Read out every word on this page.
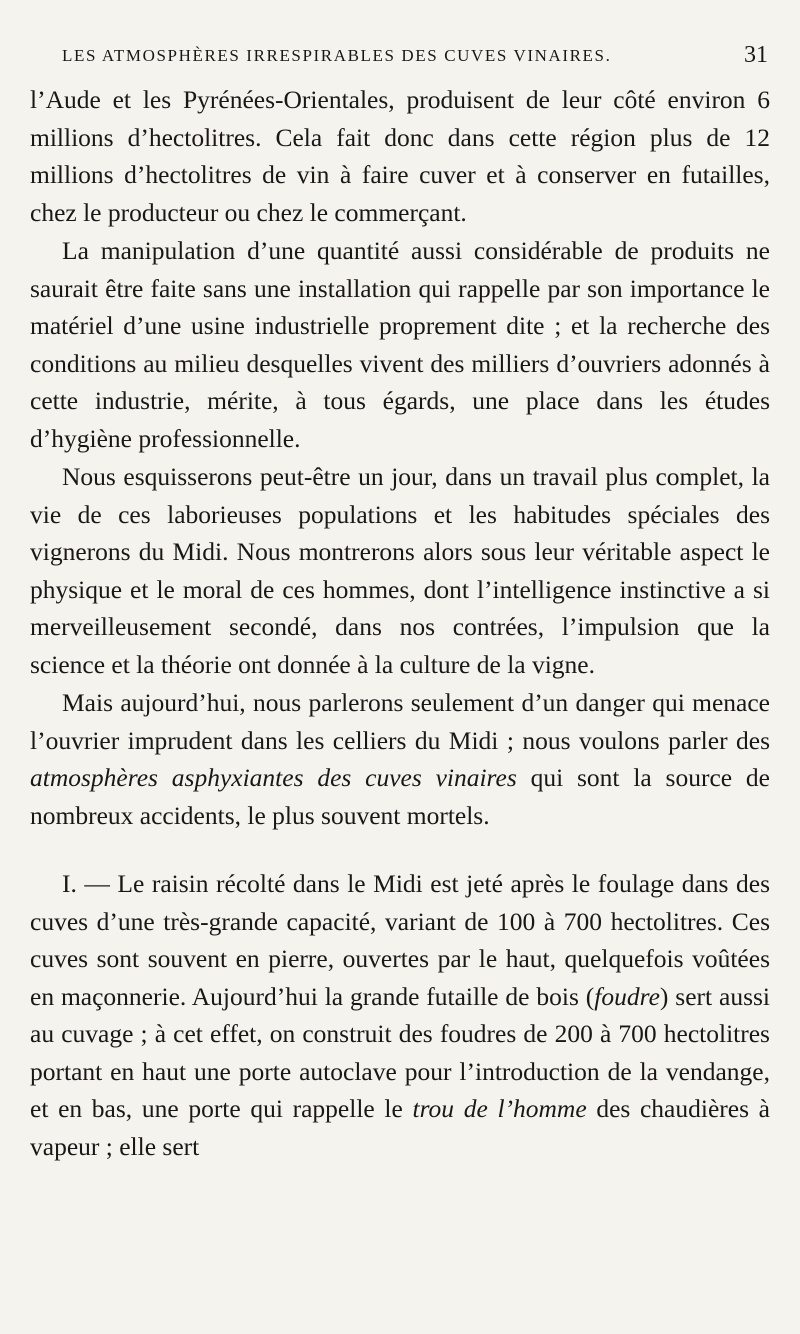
LES ATMOSPHÈRES IRRESPIRABLES DES CUVES VINAIRES.	31

l’Aude et les Pyrénées-Orientales, produisent de leur côté environ 6 millions d’hectolitres. Cela fait donc dans cette région plus de 12 millions d’hectolitres de vin à faire cuver et à conserver en futailles, chez le producteur ou chez le commerçant.

La manipulation d’une quantité aussi considérable de produits ne saurait être faite sans une installation qui rappelle par son importance le matériel d’une usine industrielle proprement dite ; et la recherche des conditions au milieu desquelles vivent des milliers d’ouvriers adonnés à cette industrie, mérite, à tous égards, une place dans les études d’hygiène professionnelle.

Nous esquisserons peut-être un jour, dans un travail plus complet, la vie de ces laborieuses populations et les habitudes spéciales des vignerons du Midi. Nous montrerons alors sous leur véritable aspect le physique et le moral de ces hommes, dont l’intelligence instinctive a si merveilleusement secondé, dans nos contrées, l’impulsion que la science et la théorie ont donnée à la culture de la vigne.

Mais aujourd’hui, nous parlerons seulement d’un danger qui menace l’ouvrier imprudent dans les celliers du Midi ; nous voulons parler des atmosphères asphyxiantes des cuves vinaires qui sont la source de nombreux accidents, le plus souvent mortels.

I. — Le raisin récolté dans le Midi est jeté après le foulage dans des cuves d’une très-grande capacité, variant de 100 à 700 hectolitres. Ces cuves sont souvent en pierre, ouvertes par le haut, quelquefois voûtées en maçonnerie. Aujourd’hui la grande futaille de bois (foudre) sert aussi au cuvage ; à cet effet, on construit des foudres de 200 à 700 hectolitres portant en haut une porte autoclave pour l’introduction de la vendange, et en bas, une porte qui rappelle le trou de l’homme des chaudières à vapeur ; elle sert
